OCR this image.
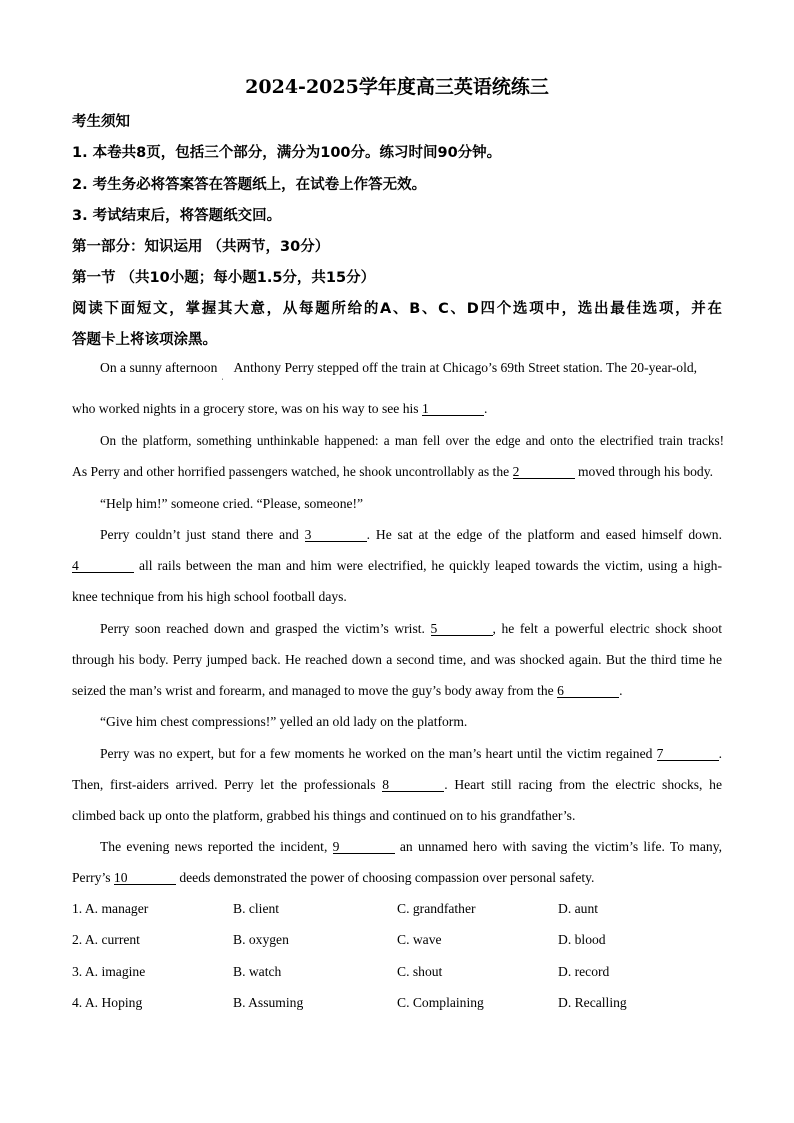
2024-2025学年度高三英语统练三
考生须知
1. 本卷共8页，包括三个部分，满分为100分。练习时间90分钟。
2. 考生务必将答案答在答题纸上，在试卷上作答无效。
3. 考试结束后，将答题纸交回。
第一部分：知识运用 （共两节，30分）
第一节 （共10小题；每小题1.5分，共15分）
阅读下面短文，掌握其大意，从每题所给的A、B、C、D四个选项中，选出最佳选项，并在
答题卡上将该项涂黑。
On a sunny afternoon ˌ Anthony Perry stepped off the train at Chicago’s 69th Street station. The 20-year-old,
who worked nights in a grocery store, was on his way to see his 1	.
On the platform, something unthinkable happened: a man fell over the edge and onto the electrified train tracks!
As Perry and other horrified passengers watched, he shook uncontrollably as the 2	moved through his body.
“Help him!” someone cried. “Please, someone!”
Perry couldn’t just stand there and 3	. He sat at the edge of the platform and eased himself down.
4	all rails between the man and him were electrified, he quickly leaped towards the victim, using a high-
knee technique from his high school football days.
Perry soon reached down and grasped the victim’s wrist. 5	, he felt a powerful electric shock shoot
through his body. Perry jumped back. He reached down a second time, and was shocked again. But the third time he
seized the man’s wrist and forearm, and managed to move the guy’s body away from the 6	.
“Give him chest compressions!” yelled an old lady on the platform.
Perry was no expert, but for a few moments he worked on the man’s heart until the victim regained 7	.
Then, first-aiders arrived. Perry let the professionals 8	. Heart still racing from the electric shocks, he
climbed back up onto the platform, grabbed his things and continued on to his grandfather’s.
The evening news reported the incident, 9	an unnamed hero with saving the victim’s life. To many,
Perry’s 10	deeds demonstrated the power of choosing compassion over personal safety.
1. A. manager	B. client	C. grandfather	D. aunt
2. A. current	B. oxygen	C. wave	D. blood
3. A. imagine	B. watch	C. shout	D. record
4. A. Hoping	B. Assuming	C. Complaining	D. Recalling
